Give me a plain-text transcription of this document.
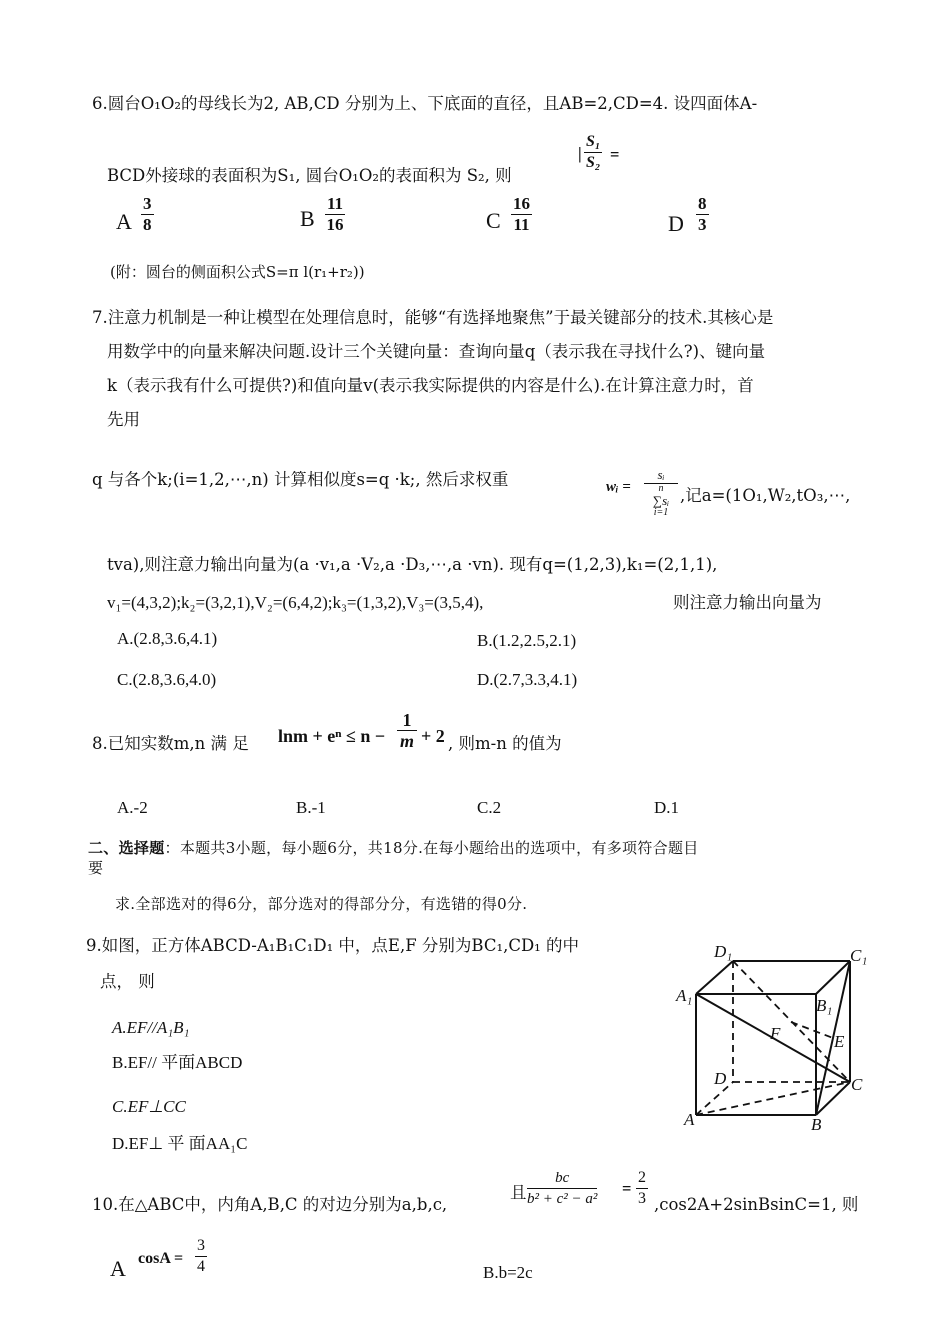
6.圆台O₁O₂的母线长为2, AB,CD 分别为上、下底面的直径，且AB=2,CD=4. 设四面体A-
BCD外接球的表面积为S₁, 圆台O₁O₂的表面积为 S₂, 则
| $\frac{\text{S₁}}{\text{S₂}}$ =
A $\frac{3}{8}$	B $\frac{11}{16}$	C $\frac{16}{11}$	D $\frac{8}{3}$
(附：圆台的侧面积公式S=π l(r₁+r₂))
7.注意力机制是一种让模型在处理信息时，能够“有选择地聚焦”于最关键部分的技术.其核心是
用数学中的向量来解决问题.设计三个关键向量：查询向量q（表示我在寻找什么?)、键向量
k（表示我有什么可提供?)和值向量v(表示我实际提供的内容是什么).在计算注意力时，首
先用
q 与各个k;(i=1,2,⋯,n) 计算相似度s=q ·k;, 然后求权重	wᵢ =
sᵢ
n
∑sᵢ
i=1
,记a=(1O₁,W₂,tO₃,⋯,
tva),则注意力输出向量为(a ·v₁,a ·V₂,a ·D₃,⋯,a ·vn). 现有q=(1,2,3),k₁=(2,1,1),
v₁=(4,3,2);k₂=(3,2,1),V₂=(6,4,2);k₃=(1,3,2),V₃=(3,5,4),	则注意力输出向量为
A.(2.8,3.6,4.1)	B.(1.2,2.5,2.1)
C.(2.8,3.6,4.0)	D.(2.7,3.3,4.1)
8.已知实数m,n 满 足 $\ln m + e^n \le n - \frac{1}{m} + 2$ , 则m-n 的值为
A.-2	B.-1	C.2	D.1
二、选择题：本题共3小题，每小题6分，共18分.在每小题给出的选项中，有多项符合题目
要
求.全部选对的得6分，部分选对的得部分分，有选错的得0分.
9.如图，正方体ABCD-A₁B₁C₁D₁ 中，点E,F 分别为BC₁,CD₁ 的中
点， 则
A.EF//A₁B₁
B.EF// 平面ABCD
C.EF⊥CC
D.EF⊥ 平 面AA₁C
D₁	C₁
A₁
B₁
F	E
D	C
A	B
10.在△ABC中，内角A,B,C 的对边分别为a,b,c,
且 $\frac{bc}{\text{b² + c² − a²}} = \frac{2}{3}$ ,cos2A+2sinBsinC=1, 则
A $\cos A = \frac{3}{4}$	B.b=2c
